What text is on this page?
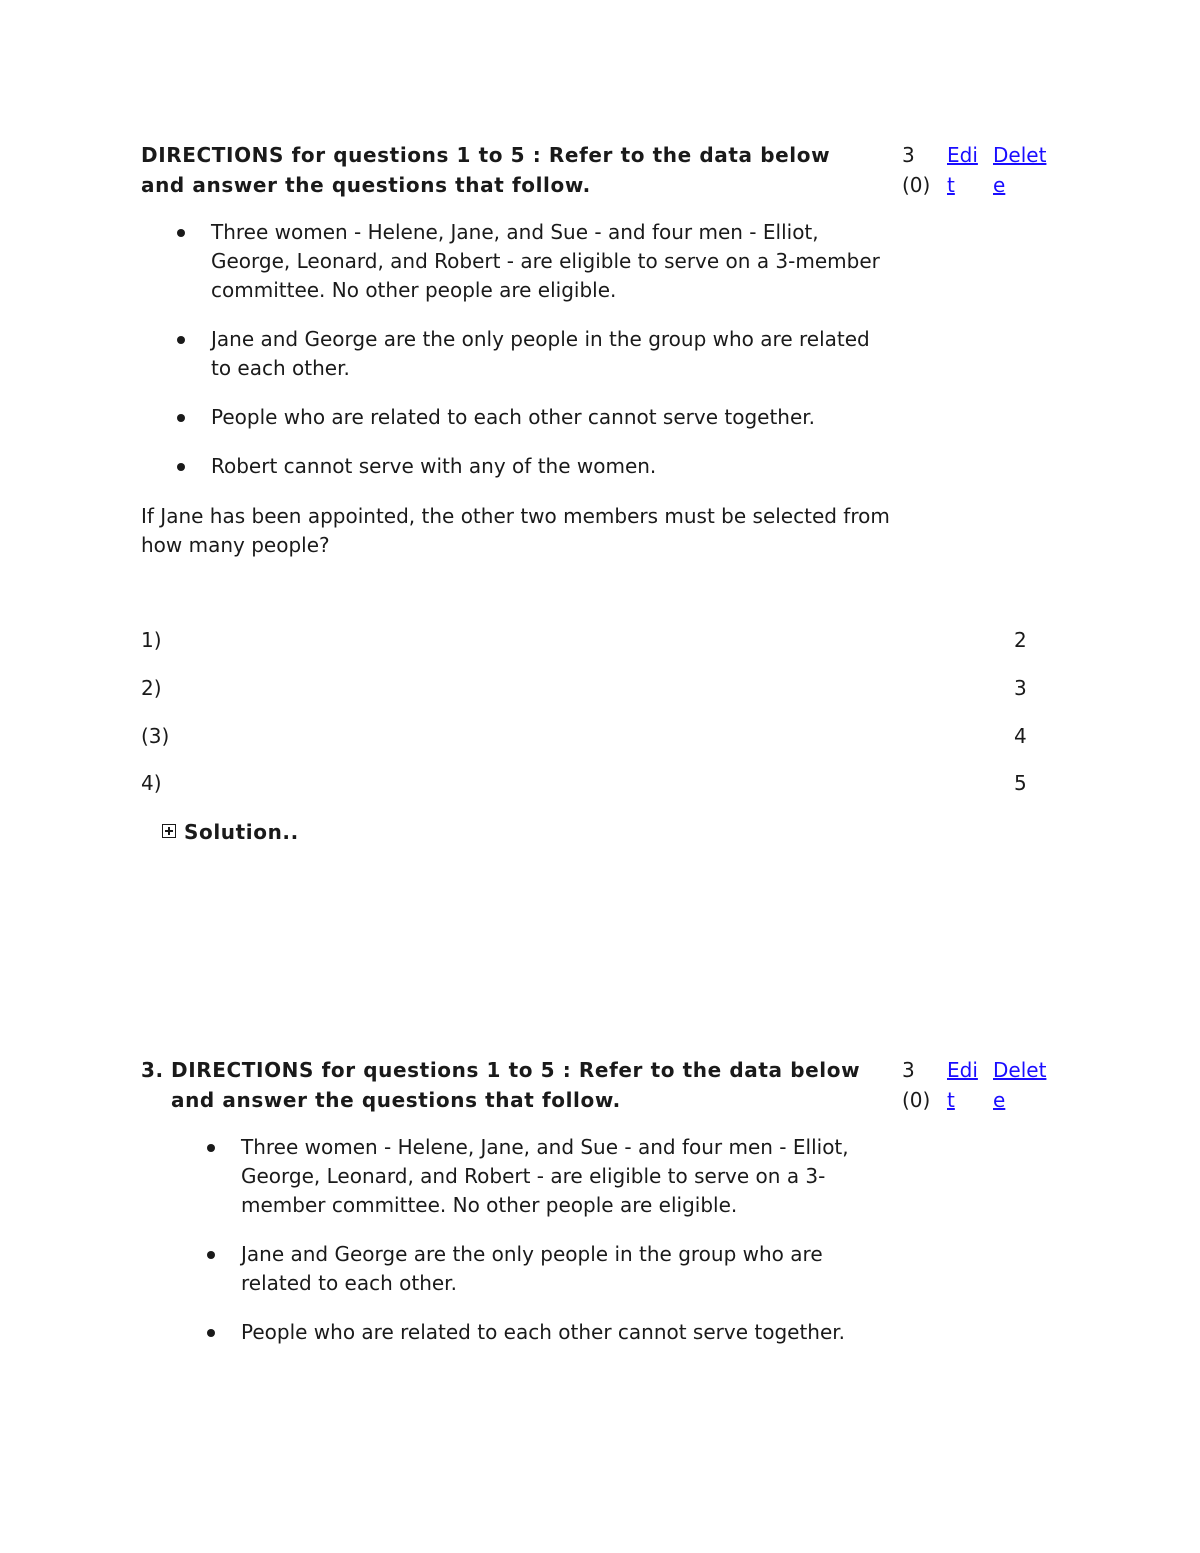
DIRECTIONS for questions 1 to 5 : Refer to the data below and answer the questions that follow.
3(0)
Edit
Delete
Three women - Helene, Jane, and Sue - and four men - Elliot, George, Leonard, and Robert - are eligible to serve on a 3-member committee. No other people are eligible.
Jane and George are the only people in the group who are related to each other.
People who are related to each other cannot serve together.
Robert cannot serve with any of the women.
If Jane has been appointed, the other two members must be selected from how many people?
1)	2
2)	3
(3)	4
4)	5
Solution..
3. DIRECTIONS for questions 1 to 5 : Refer to the data below and answer the questions that follow.
3(0)
Edit
Delete
Three women - Helene, Jane, and Sue - and four men - Elliot, George, Leonard, and Robert - are eligible to serve on a 3-member committee. No other people are eligible.
Jane and George are the only people in the group who are related to each other.
People who are related to each other cannot serve together.
